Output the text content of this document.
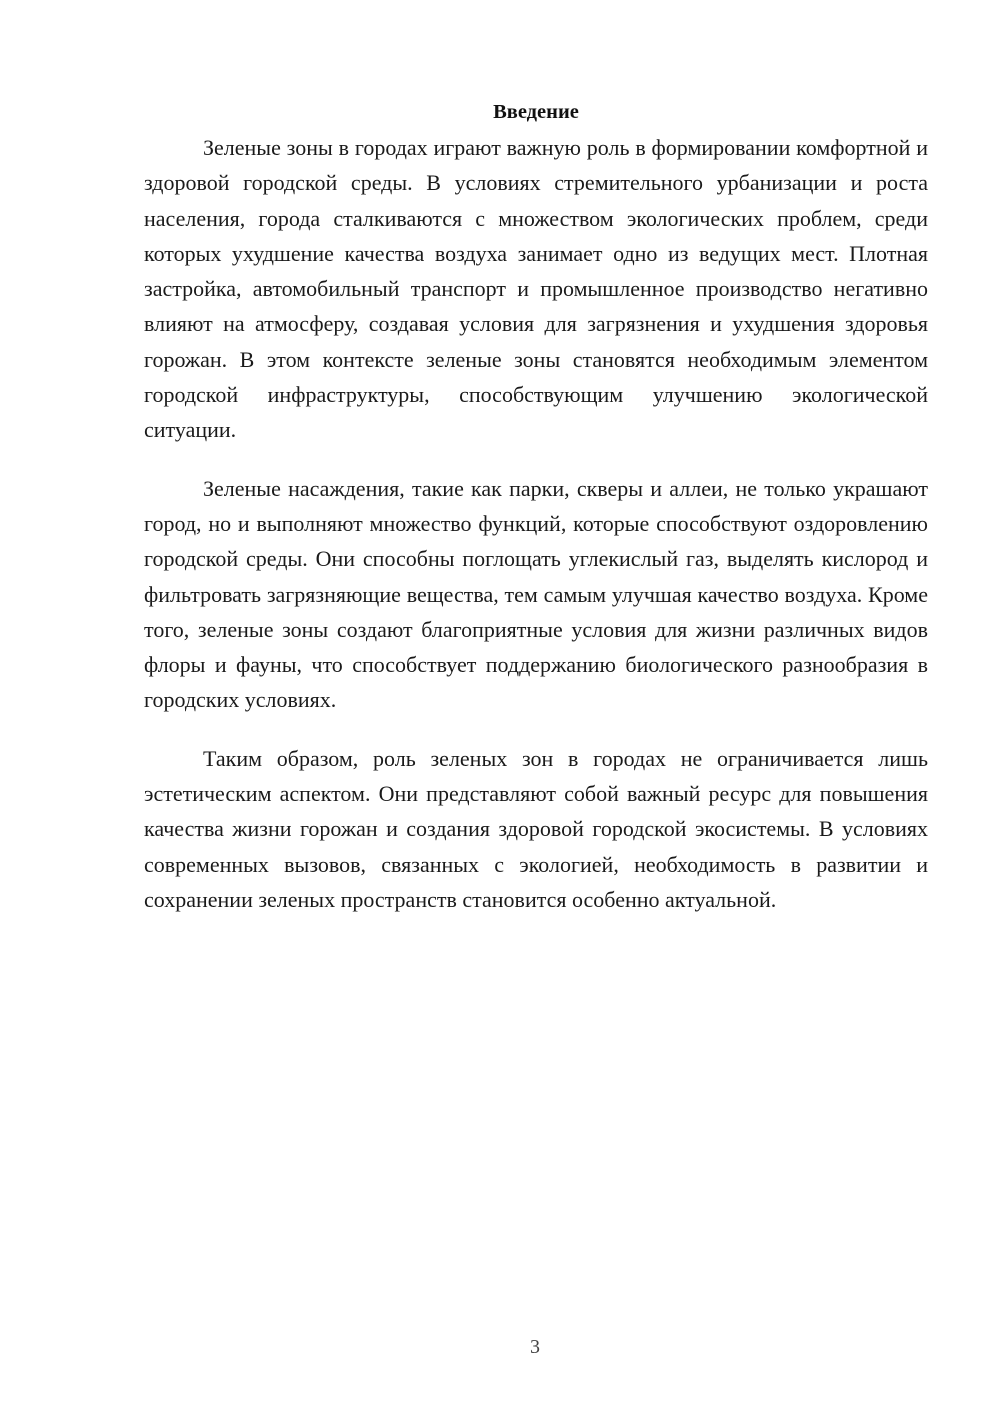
Введение

Зеленые зоны в городах играют важную роль в формировании комфортной и здоровой городской среды. В условиях стремительного урбанизации и роста населения, города сталкиваются с множеством экологических проблем, среди которых ухудшение качества воздуха занимает одно из ведущих мест. Плотная застройка, автомобильный транспорт и промышленное производство негативно влияют на атмосферу, создавая условия для загрязнения и ухудшения здоровья горожан. В этом контексте зеленые зоны становятся необходимым элементом городской инфраструктуры, способствующим улучшению экологической ситуации.

Зеленые насаждения, такие как парки, скверы и аллеи, не только украшают город, но и выполняют множество функций, которые способствуют оздоровлению городской среды. Они способны поглощать углекислый газ, выделять кислород и фильтровать загрязняющие вещества, тем самым улучшая качество воздуха. Кроме того, зеленые зоны создают благоприятные условия для жизни различных видов флоры и фауны, что способствует поддержанию биологического разнообразия в городских условиях.

Таким образом, роль зеленых зон в городах не ограничивается лишь эстетическим аспектом. Они представляют собой важный ресурс для повышения качества жизни горожан и создания здоровой городской экосистемы. В условиях современных вызовов, связанных с экологией, необходимость в развитии и сохранении зеленых пространств становится особенно актуальной.

3
